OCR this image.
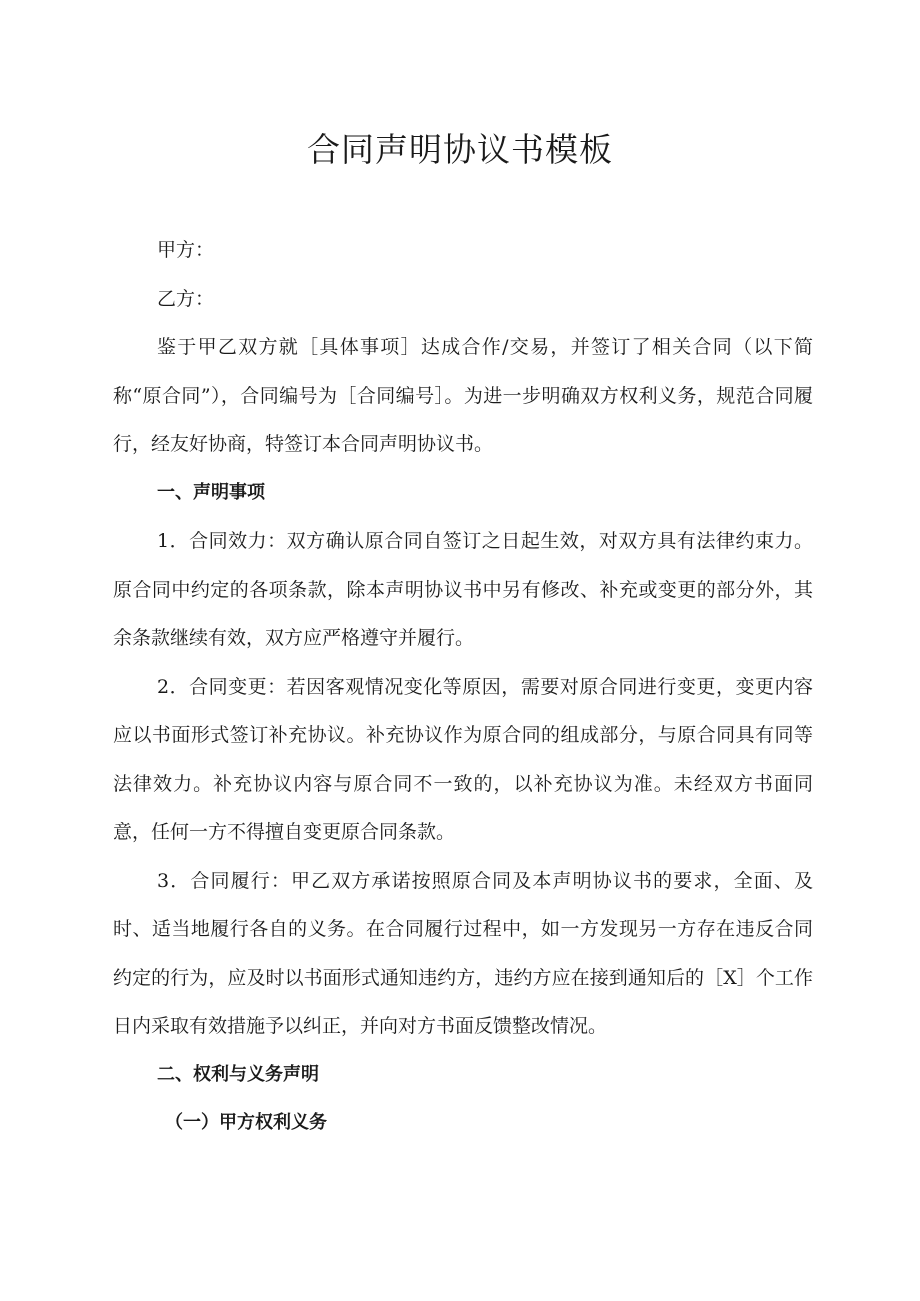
合同声明协议书模板

甲方：

乙方：

鉴于甲乙双方就［具体事项］达成合作/交易，并签订了相关合同（以下简称“原合同”），合同编号为［合同编号］。为进一步明确双方权利义务，规范合同履行，经友好协商，特签订本合同声明协议书。

一、声明事项

1．合同效力：双方确认原合同自签订之日起生效，对双方具有法律约束力。原合同中约定的各项条款，除本声明协议书中另有修改、补充或变更的部分外，其余条款继续有效，双方应严格遵守并履行。

2．合同变更：若因客观情况变化等原因，需要对原合同进行变更，变更内容应以书面形式签订补充协议。补充协议作为原合同的组成部分，与原合同具有同等法律效力。补充协议内容与原合同不一致的，以补充协议为准。未经双方书面同意，任何一方不得擅自变更原合同条款。

3．合同履行：甲乙双方承诺按照原合同及本声明协议书的要求，全面、及时、适当地履行各自的义务。在合同履行过程中，如一方发现另一方存在违反合同约定的行为，应及时以书面形式通知违约方，违约方应在接到通知后的［X］个工作日内采取有效措施予以纠正，并向对方书面反馈整改情况。

二、权利与义务声明

（一）甲方权利义务
